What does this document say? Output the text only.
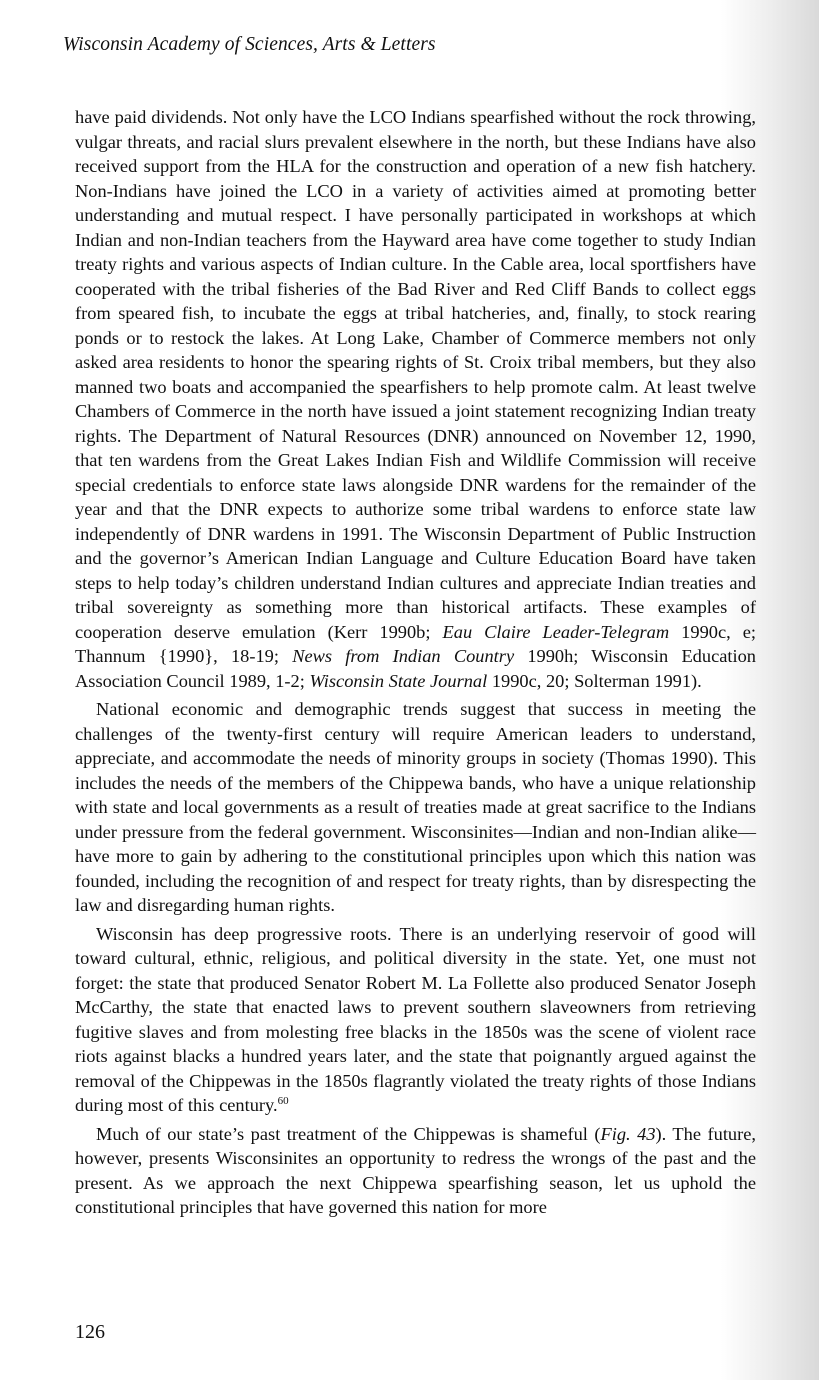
Wisconsin Academy of Sciences, Arts & Letters

have paid dividends. Not only have the LCO Indians spearfished without the rock throwing, vulgar threats, and racial slurs prevalent elsewhere in the north, but these Indians have also received support from the HLA for the construction and operation of a new fish hatchery. Non-Indians have joined the LCO in a variety of activities aimed at promoting better understanding and mutual respect. I have personally participated in workshops at which Indian and non-Indian teachers from the Hayward area have come together to study Indian treaty rights and various aspects of Indian culture. In the Cable area, local sportfishers have cooperated with the tribal fisheries of the Bad River and Red Cliff Bands to collect eggs from speared fish, to incubate the eggs at tribal hatcheries, and, finally, to stock rearing ponds or to restock the lakes. At Long Lake, Chamber of Commerce members not only asked area residents to honor the spearing rights of St. Croix tribal members, but they also manned two boats and accompanied the spearfishers to help promote calm. At least twelve Chambers of Commerce in the north have issued a joint statement recognizing Indian treaty rights. The Department of Natural Resources (DNR) announced on November 12, 1990, that ten wardens from the Great Lakes Indian Fish and Wildlife Commission will receive special credentials to enforce state laws alongside DNR wardens for the remainder of the year and that the DNR expects to authorize some tribal wardens to enforce state law independently of DNR wardens in 1991. The Wisconsin Department of Public Instruction and the governor’s American Indian Language and Culture Education Board have taken steps to help today’s children understand Indian cultures and appreciate Indian treaties and tribal sovereignty as something more than historical artifacts. These examples of cooperation deserve emulation (Kerr 1990b; Eau Claire Leader-Telegram 1990c, e; Thannum {1990}, 18-19; News from Indian Country 1990h; Wisconsin Education Association Council 1989, 1-2; Wisconsin State Journal 1990c, 20; Solterman 1991).

National economic and demographic trends suggest that success in meeting the challenges of the twenty-first century will require American leaders to understand, appreciate, and accommodate the needs of minority groups in society (Thomas 1990). This includes the needs of the members of the Chippewa bands, who have a unique relationship with state and local governments as a result of treaties made at great sacrifice to the Indians under pressure from the federal government. Wisconsinites—Indian and non-Indian alike—have more to gain by adhering to the constitutional principles upon which this nation was founded, including the recognition of and respect for treaty rights, than by disrespecting the law and disregarding human rights.

Wisconsin has deep progressive roots. There is an underlying reservoir of good will toward cultural, ethnic, religious, and political diversity in the state. Yet, one must not forget: the state that produced Senator Robert M. La Follette also produced Senator Joseph McCarthy, the state that enacted laws to prevent southern slaveowners from retrieving fugitive slaves and from molesting free blacks in the 1850s was the scene of violent race riots against blacks a hundred years later, and the state that poignantly argued against the removal of the Chippewas in the 1850s flagrantly violated the treaty rights of those Indians during most of this century.$^{60}$

Much of our state’s past treatment of the Chippewas is shameful (Fig. 43). The future, however, presents Wisconsinites an opportunity to redress the wrongs of the past and the present. As we approach the next Chippewa spearfishing season, let us uphold the constitutional principles that have governed this nation for more

126
